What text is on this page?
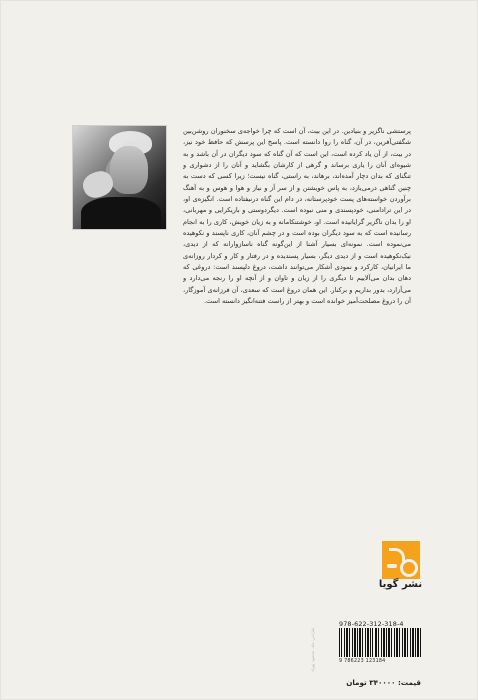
پرستشی ناگزیر و بنیادین. در این بیت، آن است که چرا خواجه‌ی سخنوران روشن‌بین شگفتی‌آفرین، در آن، گناه را روا دانسته است. پاسخ این پرسش که حافظ خود نیز، در بیت، از آن یاد کرده است، این است که آن گناه که سود دیگران در آن باشد و به شیوه‌ای آنان را یاری برساند و گرهی از کارشان بگشاید و آنان را از دشواری و تنگنای که بدان دچار آمده‌اند، برهاند، به راستی، گناه نیست؛ زیرا کسی که دست به چنین گناهی درمی‌یازد، به پاس خویشتن و از سر آز و نیاز و هوا و هوس و به آهنگ برآوردن خواسته‌های پست خودپرستانه، در دام این گناه درنیفتاده است. انگیزه‌ی او، در این ترادامنی، خودپسندی و منی نبوده است. دیگردوستی و باریکرایی و مهربانی، او را بدان ناگزیر گرایانیده است. او، خوشتنکامانه و به زیان خویش، کاری را به انجام رسانیده است که به سود دیگران بوده است و در چشم آنان، کاری ناپسند و نکوهیده می‌نموده است. نمونه‌ای بسیار آشنا از این‌گونه گناه ناسازوارانه که از دیدی، نیک‌نکوهیده است و از دیدی دیگر، بسیار پسندیده و در رفتار و کار و کردار روزانه‌ی ما ایرانیان، کارکرد و نمودی آشکار می‌توانند داشت، دروغ دلپسند است: دروغی که دهان بدان می‌آلاییم تا دیگری را از زیان و تاوان و از آنچه او را رنجه می‌دارد و می‌آزارد، بدور بداریم و برکنار. این همان دروغ است که سعدی، آن فرزانه‌ی آموزگار، آن را دروغ مصلحت‌آمیز خوانده است و بهتر از راست فتنه‌انگیز دانسته است.
نشر گویا
978-622-312-318-4
9 786223 123184
قیمت: ۳۴۰۰۰۰ تومان
طراحی جلد: محمود بهزاد
